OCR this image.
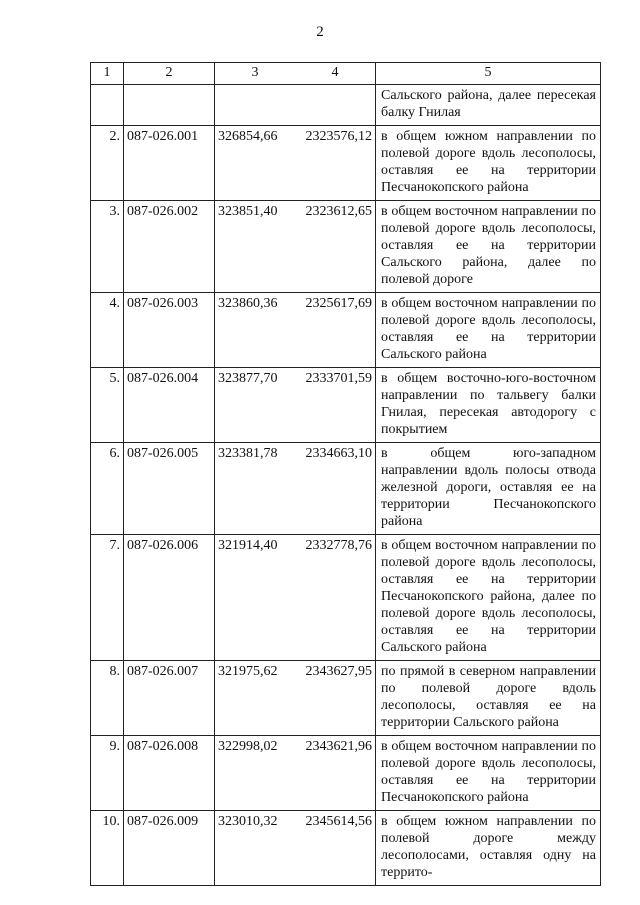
2
1	2	3	4	5
				Сальского района, далее пересекая балку Гнилая
2.	087-026.001	326854,66	2323576,12	в общем южном направлении по полевой дороге вдоль лесополосы, оставляя ее на территории Песчанокопского района
3.	087-026.002	323851,40	2323612,65	в общем восточном направлении по полевой дороге вдоль лесополосы, оставляя ее на территории Сальского района, далее по полевой дороге
4.	087-026.003	323860,36	2325617,69	в общем восточном направлении по полевой дороге вдоль лесополосы, оставляя ее на территории Сальского района
5.	087-026.004	323877,70	2333701,59	в общем восточно-юго-восточном направлении по тальвегу балки Гнилая, пересекая автодорогу с покрытием
6.	087-026.005	323381,78	2334663,10	в общем юго-западном направлении вдоль полосы отвода железной дороги, оставляя ее на территории Песчанокопского района
7.	087-026.006	321914,40	2332778,76	в общем восточном направлении по полевой дороге вдоль лесополосы, оставляя ее на территории Песчанокопского района, далее по полевой дороге вдоль лесополосы, оставляя ее на территории Сальского района
8.	087-026.007	321975,62	2343627,95	по прямой в северном направлении по полевой дороге вдоль лесополосы, оставляя ее на территории Сальского района
9.	087-026.008	322998,02	2343621,96	в общем восточном направлении по полевой дороге вдоль лесополосы, оставляя ее на территории Песчанокопского района
10.	087-026.009	323010,32	2345614,56	в общем южном направлении по полевой дороге между лесополосами, оставляя одну на террито-
